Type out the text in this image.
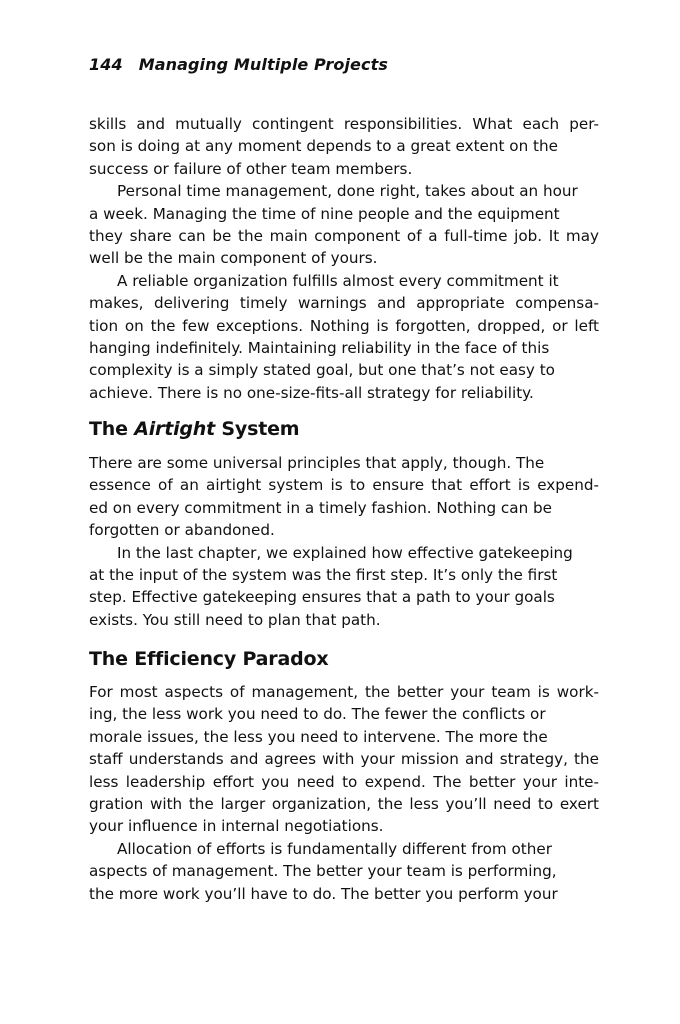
144 Managing Multiple Projects
skills and mutually contingent responsibilities. What each per-
son is doing at any moment depends to a great extent on the
success or failure of other team members.
Personal time management, done right, takes about an hour
a week. Managing the time of nine people and the equipment
they share can be the main component of a full-time job. It may
well be the main component of yours.
A reliable organization fulfills almost every commitment it
makes, delivering timely warnings and appropriate compensa-
tion on the few exceptions. Nothing is forgotten, dropped, or left
hanging indefinitely. Maintaining reliability in the face of this
complexity is a simply stated goal, but one that’s not easy to
achieve. There is no one-size-fits-all strategy for reliability.
The Airtight System
There are some universal principles that apply, though. The
essence of an airtight system is to ensure that effort is expend-
ed on every commitment in a timely fashion. Nothing can be
forgotten or abandoned.
In the last chapter, we explained how effective gatekeeping
at the input of the system was the first step. It’s only the first
step. Effective gatekeeping ensures that a path to your goals
exists. You still need to plan that path.
The Efficiency Paradox
For most aspects of management, the better your team is work-
ing, the less work you need to do. The fewer the conflicts or
morale issues, the less you need to intervene. The more the
staff understands and agrees with your mission and strategy, the
less leadership effort you need to expend. The better your inte-
gration with the larger organization, the less you’ll need to exert
your influence in internal negotiations.
Allocation of efforts is fundamentally different from other
aspects of management. The better your team is performing,
the more work you’ll have to do. The better you perform your
